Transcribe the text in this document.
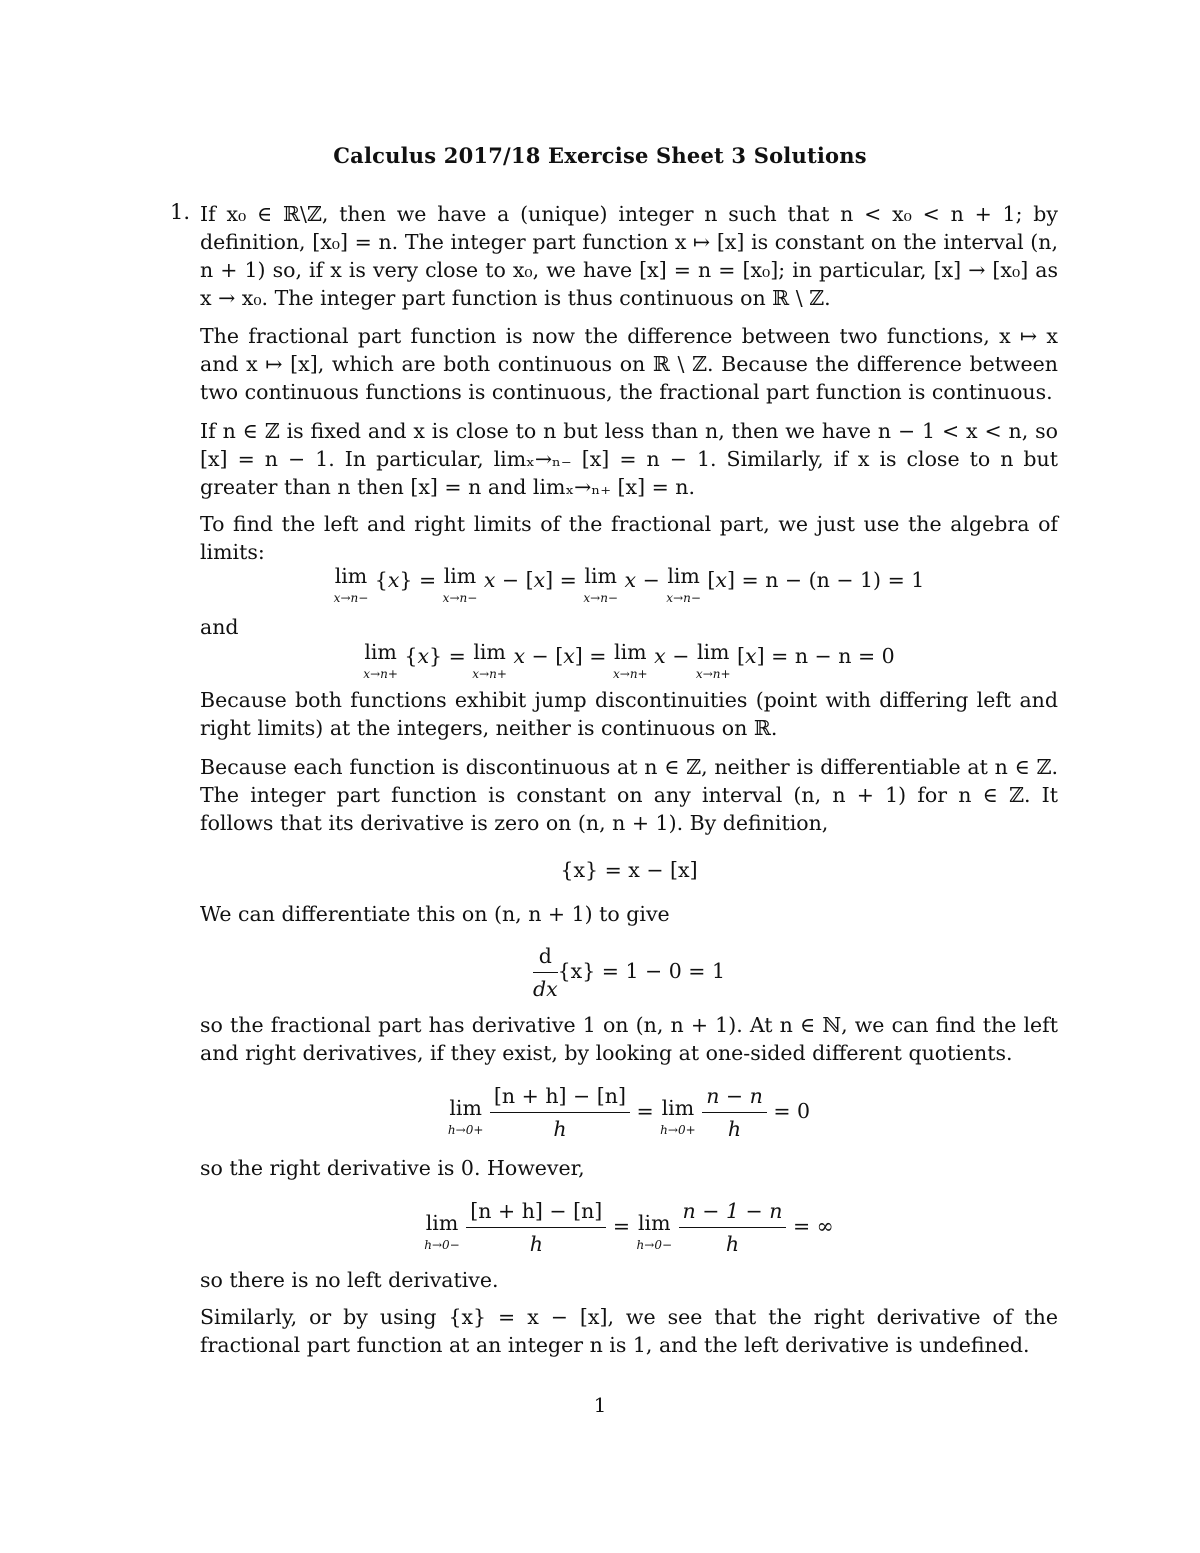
Calculus 2017/18 Exercise Sheet 3 Solutions
1. If x₀ ∈ ℝ\ℤ, then we have a (unique) integer n such that n < x₀ < n + 1; by definition, [x₀] = n. The integer part function x ↦ [x] is constant on the interval (n, n + 1) so, if x is very close to x₀, we have [x] = n = [x₀]; in particular, [x] → [x₀] as x → x₀. The integer part function is thus continuous on ℝ \ ℤ.

The fractional part function is now the difference between two functions, x ↦ x and x ↦ [x], which are both continuous on ℝ \ ℤ. Because the difference between two continuous functions is continuous, the fractional part function is continuous.

If n ∈ ℤ is fixed and x is close to n but less than n, then we have n − 1 < x < n, so [x] = n − 1. In particular, limₓ→ₙ₋ [x] = n − 1. Similarly, if x is close to n but greater than n then [x] = n and limₓ→ₙ₊ [x] = n.

To find the left and right limits of the fractional part, we just use the algebra of limits:

lim
x→n−
{x} = lim
x→n−
x − [x] = lim
x→n−
x − lim
x→n−
[x] = n − (n − 1) = 1

and

lim
x→n+
{x} = lim
x→n+
x − [x] = lim
x→n+
x − lim
x→n+
[x] = n − n = 0

Because both functions exhibit jump discontinuities (point with differing left and right limits) at the integers, neither is continuous on ℝ.

Because each function is discontinuous at n ∈ ℤ, neither is differentiable at n ∈ ℤ. The integer part function is constant on any interval (n, n + 1) for n ∈ ℤ. It follows that its derivative is zero on (n, n + 1). By definition,

{x} = x − [x]

We can differentiate this on (n, n + 1) to give

$\frac{d}{dx} \{x\} = 1 - 0 = 1$

so the fractional part has derivative 1 on (n, n + 1). At n ∈ ℕ, we can find the left and right derivatives, if they exist, by looking at one-sided different quotients.

lim
h→0+
$\frac{[n + h] - [n]}{h} = \lim$
h→0+
$\frac{n - n}{h} = 0$

so the right derivative is 0. However,

lim
h→0−
$\frac{[n + h] - [n]}{h} = \lim$
h→0−
$\frac{n - 1 - n}{h}$ = ∞

so there is no left derivative.

Similarly, or by using {x} = x − [x], we see that the right derivative of the fractional part function at an integer n is 1, and the left derivative is undefined.

1
